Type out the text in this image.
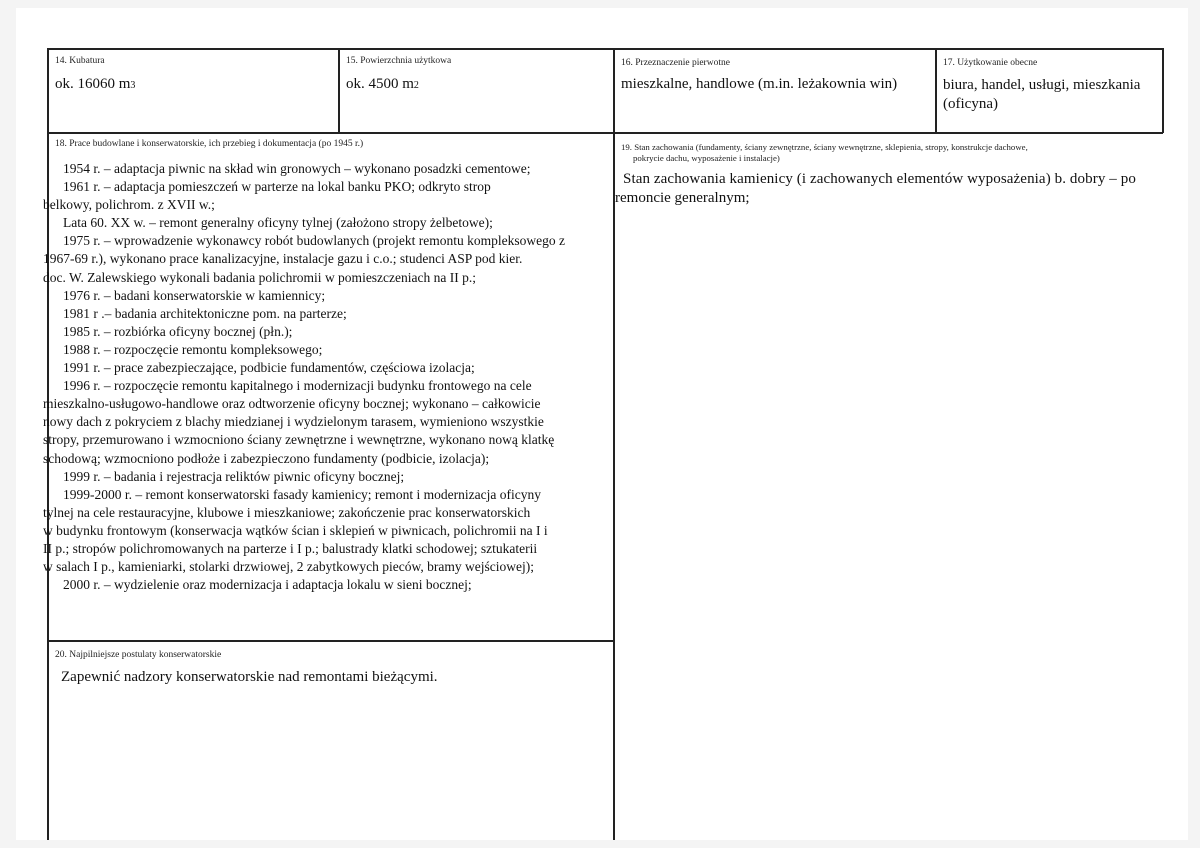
14. Kubatura
ok. 16060 m3
15. Powierzchnia użytkowa
ok. 4500 m2
16. Przeznaczenie pierwotne
mieszkalne, handlowe (m.in. leżakownia win)
17. Użytkowanie obecne
biura, handel, usługi, mieszkania
(oficyna)
18. Prace budowlane i konserwatorskie, ich przebieg i dokumentacja (po 1945 r.)
1954 r. – adaptacja piwnic na skład win gronowych – wykonano posadzki cementowe;
1961 r. – adaptacja pomieszczeń w parterze na lokal banku PKO; odkryto strop
belkowy, polichrom. z XVII w.;
Lata 60. XX w. – remont generalny oficyny tylnej (założono stropy żelbetowe);
1975 r. – wprowadzenie wykonawcy robót budowlanych (projekt remontu kompleksowego z
1967-69 r.), wykonano prace kanalizacyjne, instalacje gazu i c.o.; studenci ASP pod kier.
doc. W. Zalewskiego wykonali badania polichromii w pomieszczeniach na II p.;
1976 r. – badani konserwatorskie w kamiennicy;
1981 r .– badania architektoniczne pom. na parterze;
1985 r. – rozbiórka oficyny bocznej (płn.);
1988 r. – rozpoczęcie remontu kompleksowego;
1991 r. – prace zabezpieczające, podbicie fundamentów, częściowa izolacja;
1996 r. – rozpoczęcie remontu kapitalnego i modernizacji budynku frontowego na cele
mieszkalno-usługowo-handlowe oraz odtworzenie oficyny bocznej; wykonano – całkowicie
nowy dach z pokryciem z blachy miedzianej i wydzielonym tarasem, wymieniono wszystkie
stropy, przemurowano i wzmocniono ściany zewnętrzne i wewnętrzne, wykonano nową klatkę
schodową; wzmocniono podłoże i zabezpieczono fundamenty (podbicie, izolacja);
1999 r. – badania i rejestracja reliktów piwnic oficyny bocznej;
1999-2000 r. – remont konserwatorski fasady kamienicy; remont i modernizacja oficyny
tylnej na cele restauracyjne, klubowe i mieszkaniowe; zakończenie prac konserwatorskich
w budynku frontowym (konserwacja wątków ścian i sklepień w piwnicach, polichromii na I i
II p.; stropów polichromowanych na parterze i I p.; balustrady klatki schodowej; sztukaterii
w salach I p., kamieniarki, stolarki drzwiowej, 2 zabytkowych pieców, bramy wejściowej);
2000 r. – wydzielenie oraz modernizacja i adaptacja lokalu w sieni bocznej;
19. Stan zachowania (fundamenty, ściany zewnętrzne, ściany wewnętrzne, sklepienia, stropy, konstrukcje dachowe,
pokrycie dachu, wyposażenie i instalacje)
Stan zachowania kamienicy (i zachowanych elementów wyposażenia) b. dobry – po
remoncie generalnym;
20. Najpilniejsze postulaty konserwatorskie
Zapewnić nadzory konserwatorskie nad remontami bieżącymi.
